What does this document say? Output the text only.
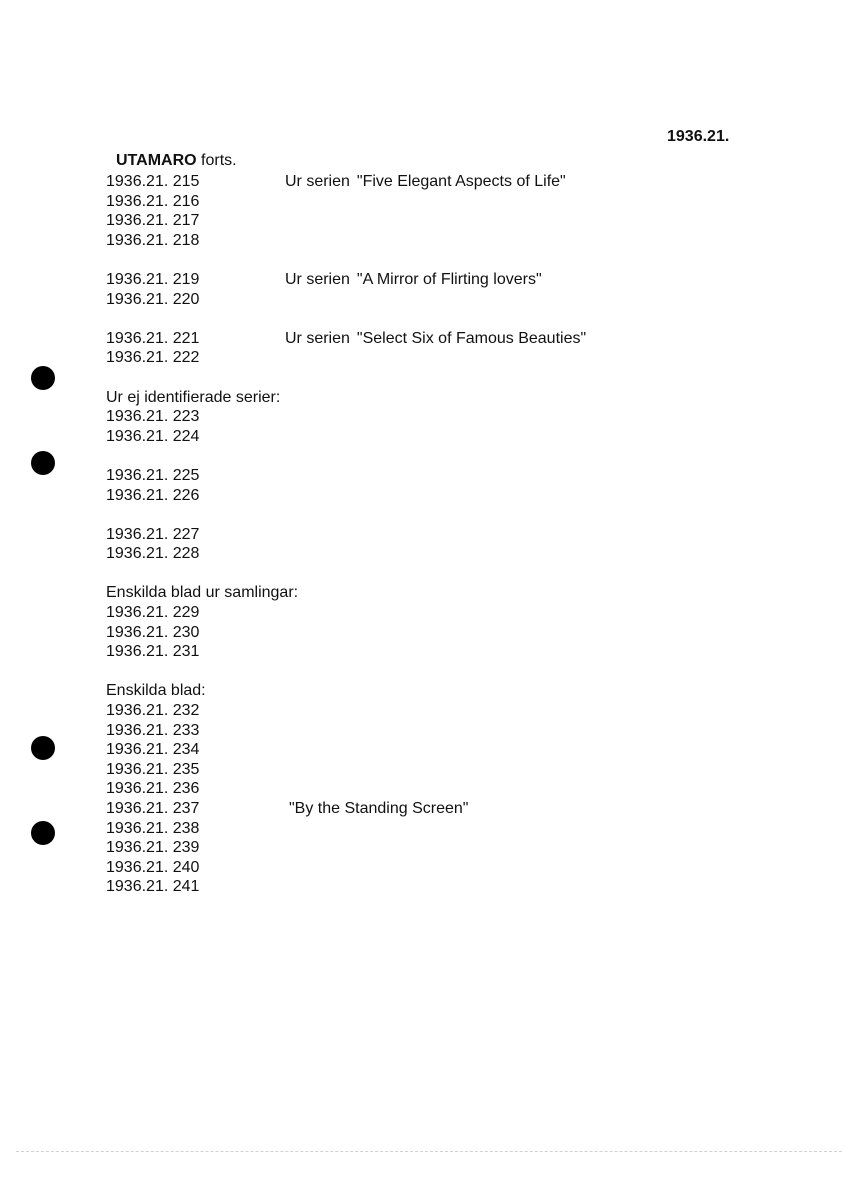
1936.21.
UTAMARO forts.
1936.21. 215	Ur serien "Five Elegant Aspects of Life"
1936.21. 216
1936.21. 217
1936.21. 218
1936.21. 219	Ur serien "A Mirror of Flirting lovers"
1936.21. 220
1936.21. 221	Ur serien "Select Six of Famous Beauties"
1936.21. 222
Ur ej identifierade serier:
1936.21. 223
1936.21. 224
1936.21. 225
1936.21. 226
1936.21. 227
1936.21. 228
Enskilda blad ur samlingar:
1936.21. 229
1936.21. 230
1936.21. 231
Enskilda blad:
1936.21. 232
1936.21. 233
1936.21. 234
1936.21. 235
1936.21. 236
1936.21. 237	"By the Standing Screen"
1936.21. 238
1936.21. 239
1936.21. 240
1936.21. 241
